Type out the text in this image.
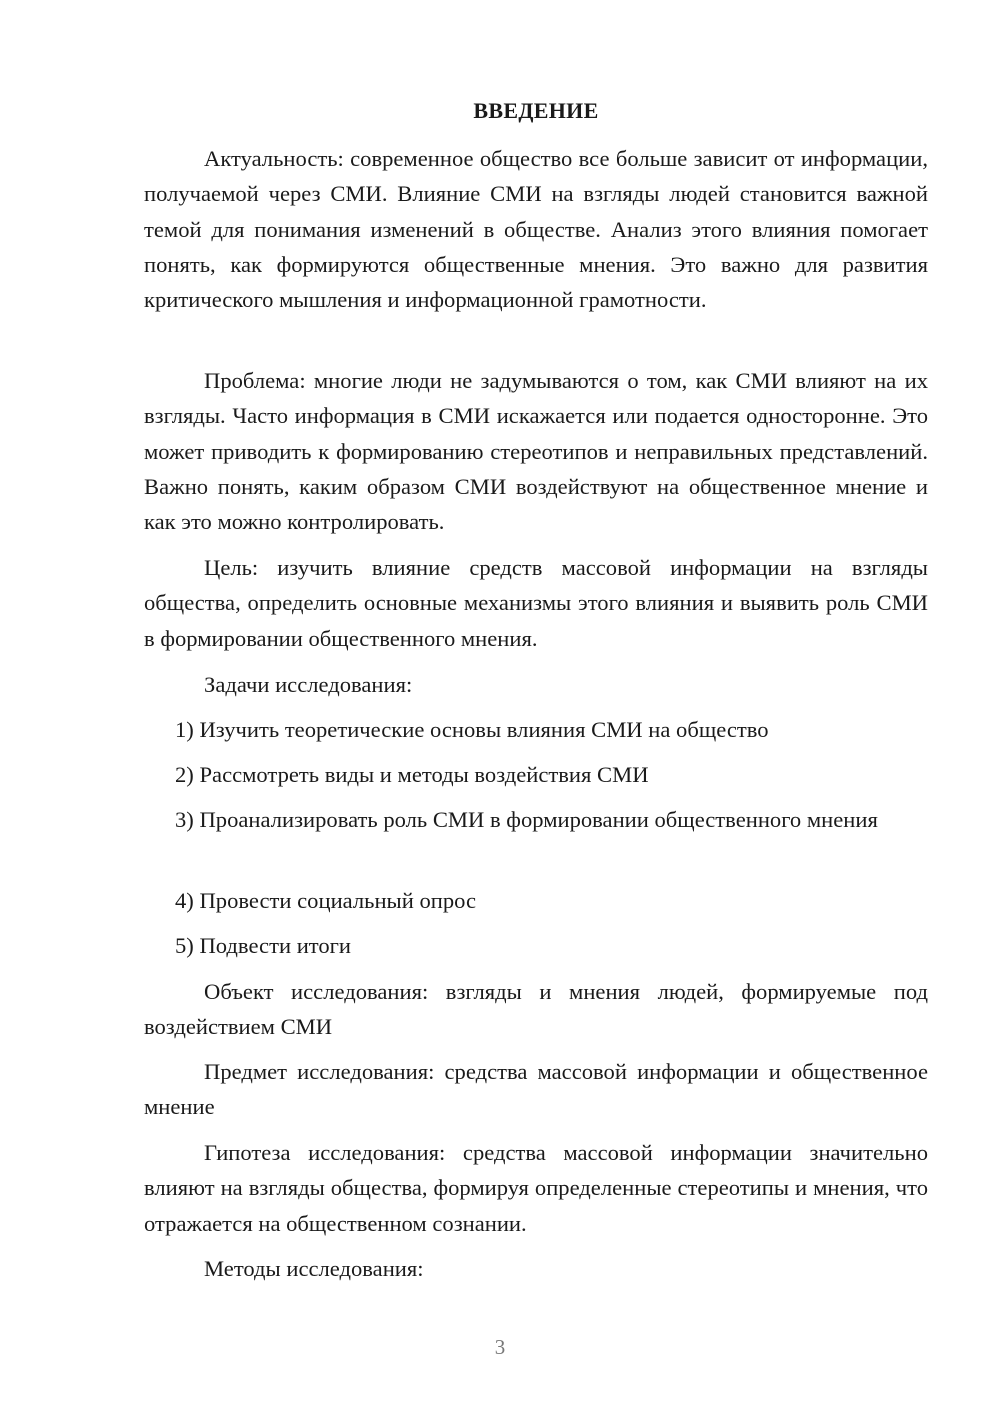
ВВЕДЕНИЕ

Актуальность: современное общество все больше зависит от информации, получаемой через СМИ. Влияние СМИ на взгляды людей становится важной темой для понимания изменений в обществе. Анализ этого влияния помогает понять, как формируются общественные мнения. Это важно для развития критического мышления и информационной грамотности.

Проблема: многие люди не задумываются о том, как СМИ влияют на их взгляды. Часто информация в СМИ искажается или подается односторонне. Это может приводить к формированию стереотипов и неправильных представлений. Важно понять, каким образом СМИ воздействуют на общественное мнение и как это можно контролировать.

Цель: изучить влияние средств массовой информации на взгляды общества, определить основные механизмы этого влияния и выявить роль СМИ в формировании общественного мнения.

Задачи исследования:

1) Изучить теоретические основы влияния СМИ на общество

2) Рассмотреть виды и методы воздействия СМИ

3) Проанализировать роль СМИ в формировании общественного мнения

4) Провести социальный опрос

5) Подвести итоги

Объект исследования: взгляды и мнения людей, формируемые под воздействием СМИ

Предмет исследования: средства массовой информации и общественное мнение

Гипотеза исследования: средства массовой информации значительно влияют на взгляды общества, формируя определенные стереотипы и мнения, что отражается на общественном сознании.

Методы исследования:

3
